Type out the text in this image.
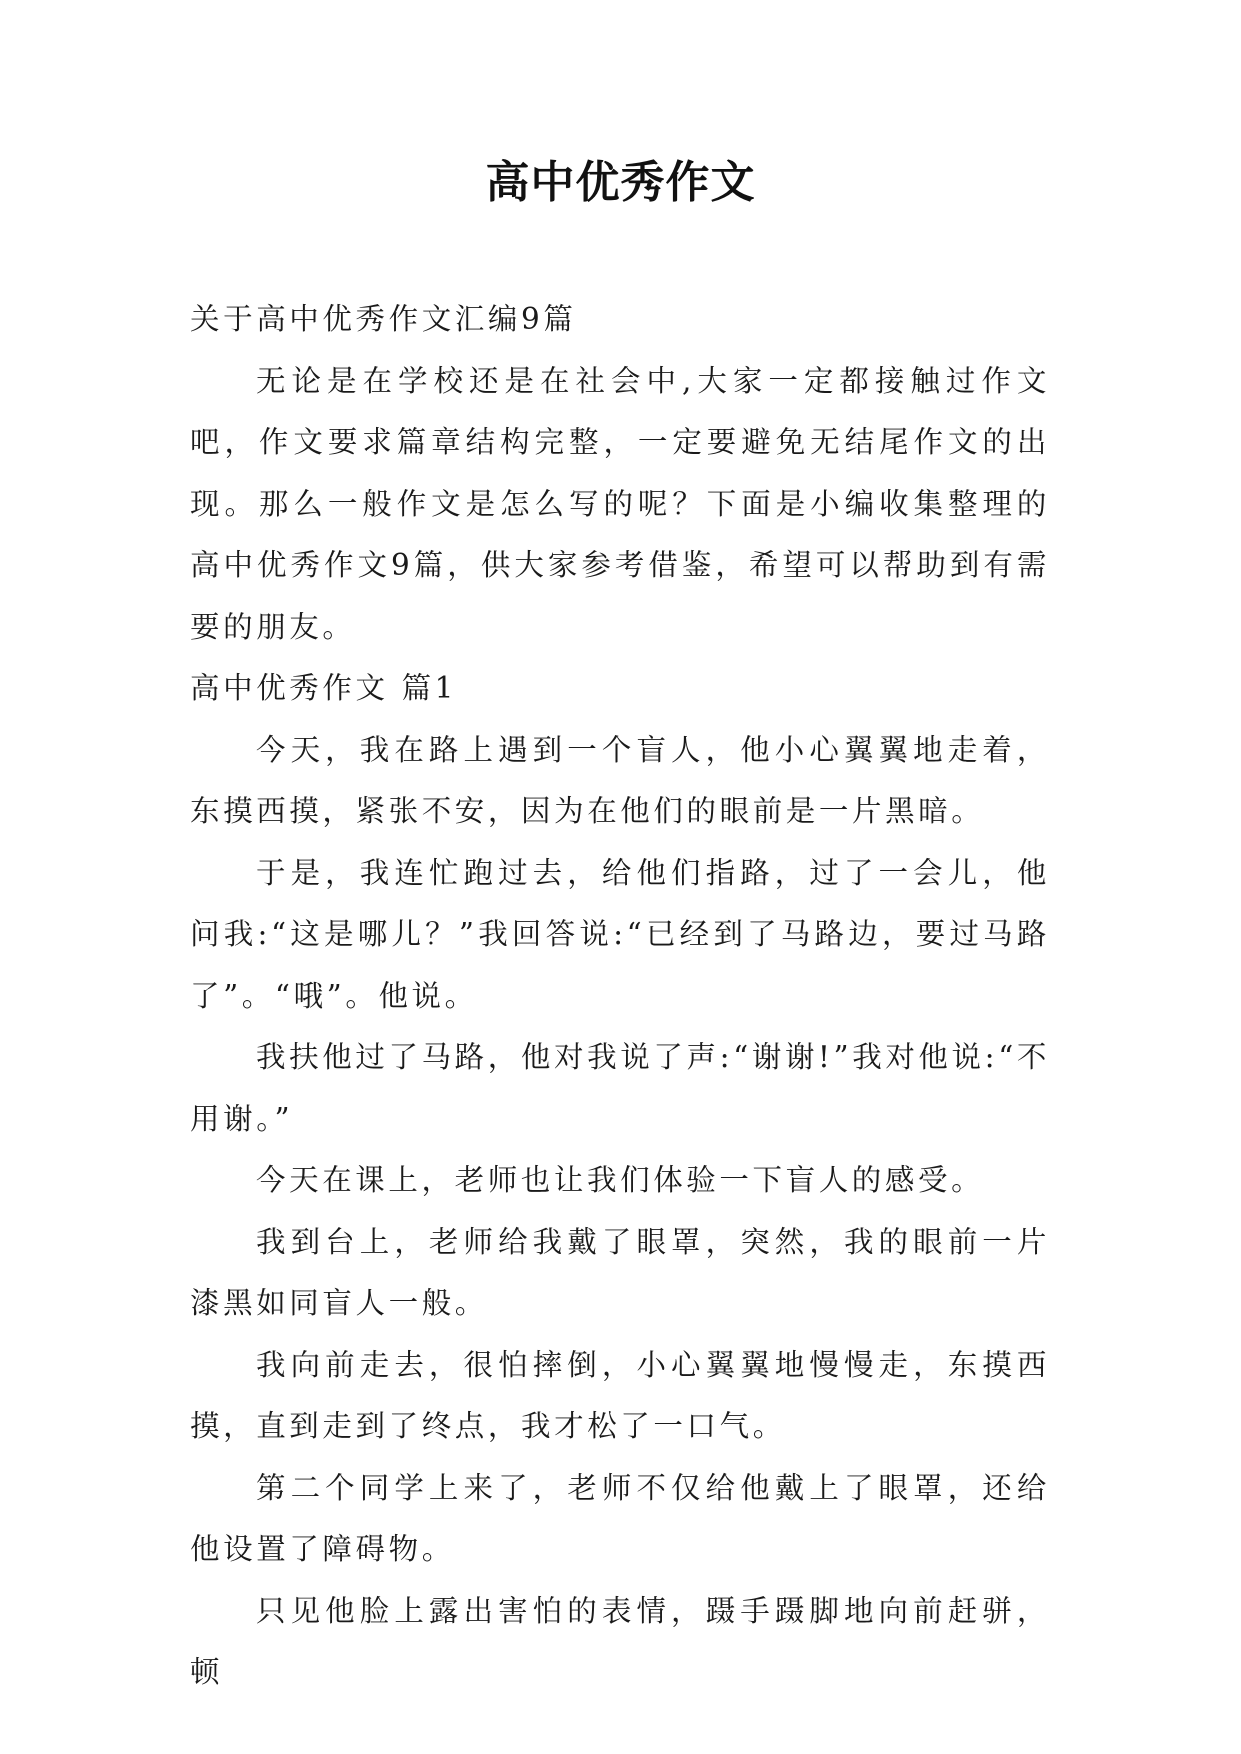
高中优秀作文

关于高中优秀作文汇编9篇

无论是在学校还是在社会中,大家一定都接触过作文吧，作文要求篇章结构完整，一定要避免无结尾作文的出现。那么一般作文是怎么写的呢？下面是小编收集整理的高中优秀作文9篇，供大家参考借鉴，希望可以帮助到有需要的朋友。

高中优秀作文 篇1

今天，我在路上遇到一个盲人，他小心翼翼地走着，东摸西摸，紧张不安，因为在他们的眼前是一片黑暗。

于是，我连忙跑过去，给他们指路，过了一会儿，他问我:“这是哪儿？”我回答说:“已经到了马路边，要过马路了”。“哦”。他说。

我扶他过了马路，他对我说了声:“谢谢!”我对他说:“不用谢。”

今天在课上，老师也让我们体验一下盲人的感受。

我到台上，老师给我戴了眼罩，突然，我的眼前一片漆黑如同盲人一般。

我向前走去，很怕摔倒，小心翼翼地慢慢走，东摸西摸，直到走到了终点，我才松了一口气。

第二个同学上来了，老师不仅给他戴上了眼罩，还给他设置了障碍物。

只见他脸上露出害怕的表情，蹑手蹑脚地向前赶骈，顿
